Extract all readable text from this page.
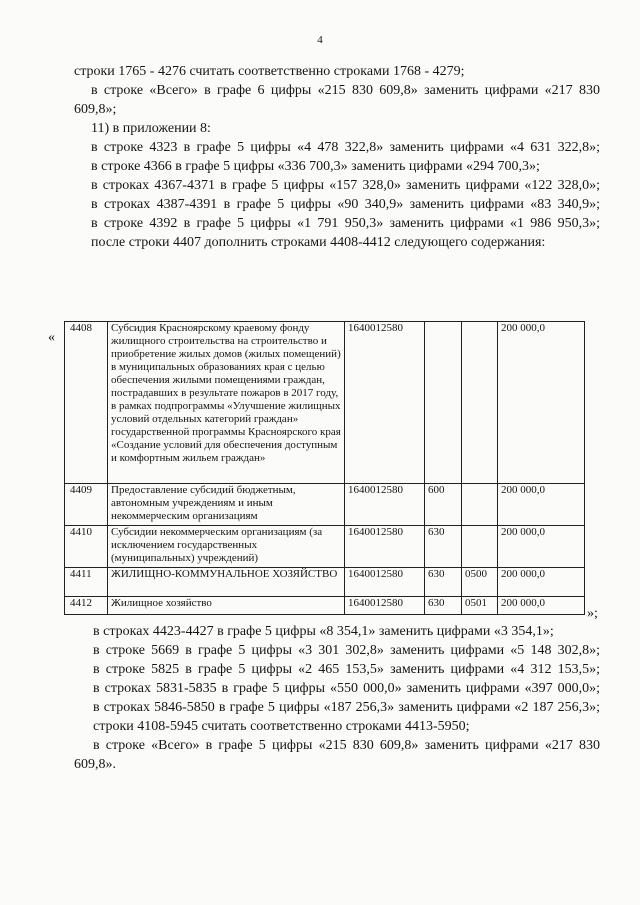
4

строки 1765 - 4276 считать соответственно строками 1768 - 4279;

в строке «Всего» в графе 6 цифры «215 830 609,8» заменить цифрами «217 830 609,8»;

11) в приложении 8:

в строке 4323 в графе 5 цифры «4 478 322,8» заменить цифрами «4 631 322,8»;

в строке 4366 в графе 5 цифры «336 700,3» заменить цифрами «294 700,3»;

в строках 4367-4371 в графе 5 цифры «157 328,0» заменить цифрами «122 328,0»;

в строках 4387-4391 в графе 5 цифры «90 340,9» заменить цифрами «83 340,9»;

в строке 4392 в графе 5 цифры «1 791 950,3» заменить цифрами «1 986 950,3»;

после строки 4407 дополнить строками 4408-4412 следующего содержания:

«
4408	Субсидия Красноярскому краевому фонду жилищного строительства на строительство и приобретение жилых домов (жилых помещений) в муниципальных образованиях края с целью обеспечения жилыми помещениями граждан, пострадавших в результате пожаров в 2017 году, в рамках подпрограммы «Улучшение жилищных условий отдельных категорий граждан» государственной программы Красноярского края «Создание условий для обеспечения доступным и комфортным жильем граждан»	1640012580			200 000,0
4409	Предоставление субсидий бюджетным, автономным учреждениям и иным некоммерческим организациям	1640012580	600		200 000,0
4410	Субсидии некоммерческим организациям (за исключением государственных (муниципальных) учреждений)	1640012580	630		200 000,0
4411	ЖИЛИЩНО-КОММУНАЛЬНОЕ ХОЗЯЙСТВО	1640012580	630	0500	200 000,0
4412	Жилищное хозяйство	1640012580	630	0501	200 000,0
»;

в строках 4423-4427 в графе 5 цифры «8 354,1» заменить цифрами «3 354,1»;

в строке 5669 в графе 5 цифры «3 301 302,8» заменить цифрами «5 148 302,8»;

в строке 5825 в графе 5 цифры «2 465 153,5» заменить цифрами «4 312 153,5»;

в строках 5831-5835 в графе 5 цифры «550 000,0» заменить цифрами «397 000,0»;

в строках 5846-5850 в графе 5 цифры «187 256,3» заменить цифрами «2 187 256,3»;

строки 4108-5945 считать соответственно строками 4413-5950;

в строке «Всего» в графе 5 цифры «215 830 609,8» заменить цифрами «217 830 609,8».
